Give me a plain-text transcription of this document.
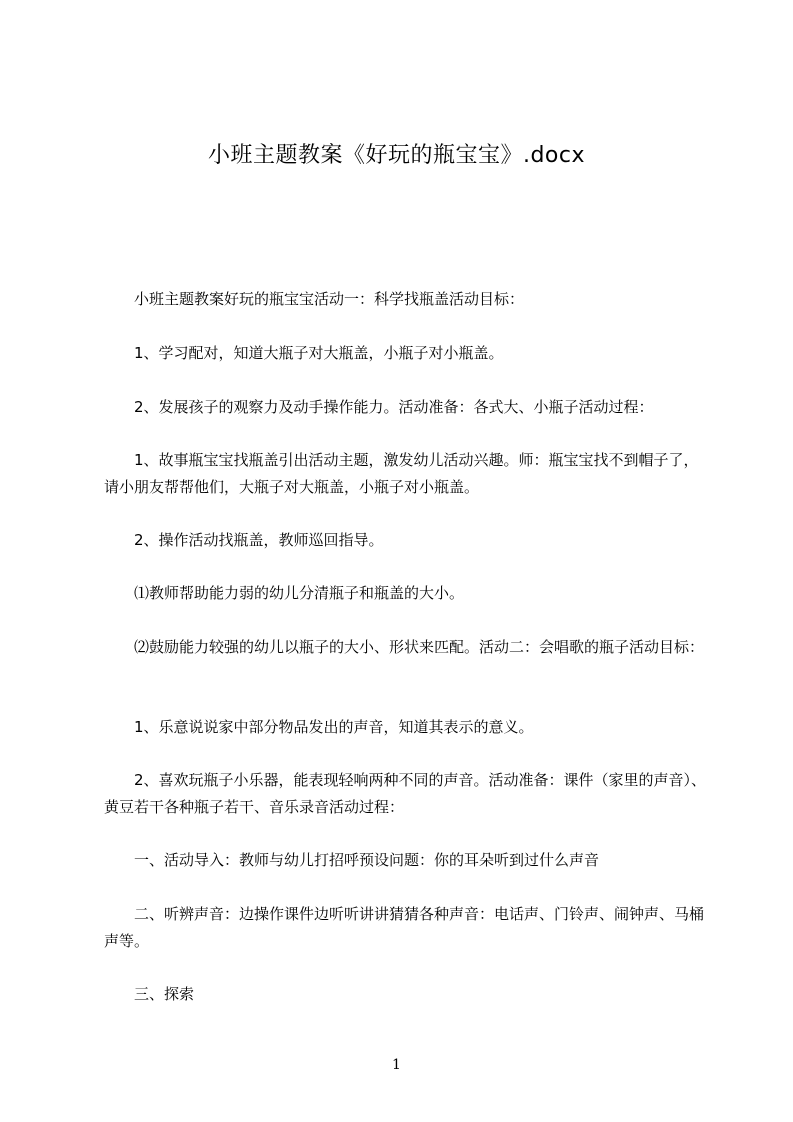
小班主题教案《好玩的瓶宝宝》.docx

　　小班主题教案好玩的瓶宝宝活动一：科学找瓶盖活动目标：

　　1、学习配对，知道大瓶子对大瓶盖，小瓶子对小瓶盖。

　　2、发展孩子的观察力及动手操作能力。活动准备：各式大、小瓶子活动过程：

　　1、故事瓶宝宝找瓶盖引出活动主题，激发幼儿活动兴趣。师：瓶宝宝找不到帽子了，请小朋友帮帮他们，大瓶子对大瓶盖，小瓶子对小瓶盖。

　　2、操作活动找瓶盖，教师巡回指导。

　　⑴教师帮助能力弱的幼儿分清瓶子和瓶盖的大小。

　　⑵鼓励能力较强的幼儿以瓶子的大小、形状来匹配。活动二：会唱歌的瓶子活动目标：

　　1、乐意说说家中部分物品发出的声音，知道其表示的意义。

　　2、喜欢玩瓶子小乐器，能表现轻响两种不同的声音。活动准备：课件（家里的声音）、黄豆若干各种瓶子若干、音乐录音活动过程：

　　一、活动导入：教师与幼儿打招呼预设问题：你的耳朵听到过什么声音

　　二、听辨声音：边操作课件边听听讲讲猜猜各种声音：电话声、门铃声、闹钟声、马桶声等。

　　三、探索

1
